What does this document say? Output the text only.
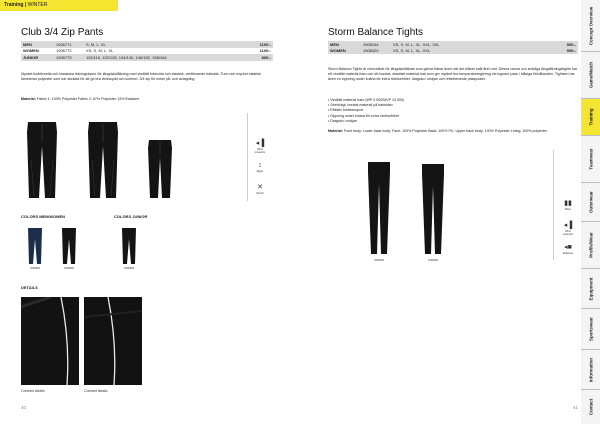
Training | WINTER
Club 3/4 Zip Pants
MEN	1906771	S, M, L, XL	1100:-
WOMEN	1906772	XS, S, M, L, XL	1100:-
JUNIOR	1906775	110/116, 122/128, 134/140, 146/152, 158/164	800:-
Mycket funktionella och klassiska träningsbyxor för längdskidåkning med vindtätt framsida och elastisk, ventilerande baksida. Tunn och mycket elastisk laminerad polyester som har stickats för att ge bra vindskydd och komfort. 3/4 zip för enkel på- och avtagning.
Material: Fabric 1: 100% Polyester Fabric 2: 67% Polyester 13% Elastane
◂▐
Wind protection
↕
Zipper
✕
Stretch
COLORS MEN/WOMEN	COLORS JUNIOR
1906681	1906682	1906683
DETAILS
Contrast details	Contrast details
40
Storm Balance Tights
MEN	1908164	XS, S, M, L, XL, XXL, 3XL	900:-
WOMEN	1908320	XS, S, M, L, XL, XXL	900:-
Storm Balance Tights är utvecklade för längdskidåkare som gärna tränar även när det blåser kallt året runt. Dessa varma och smidiga längdåkningstights har ett vindtätt material fram och ett borstat, elastiskt material bak som ger mycket bra temperaturreglering vid lugnare pass i blåsiga förhållanden. Tightsen har även en öppning under knäna för extra rörelsefrihet, dragsko i midjan och reflekterande passpoaler.
• Vindtätt material fram (WP 0 000/MVP 10 000)
• Stretchigt, borstat material på baksidan
• Effektiv fukttransport
• Öppning under knäna för extra rörelsefrihet
• Dragsko i midjan
Material: Front body: Lower back body: Face: 100% Polyester Back: 100% PU. Upper back body: 100% Polyester Lining: 100% polyester
1999000	1999000
▮▮
Warm
◂▐
Wind protection
◂■
Reflective
41
Concept Overview
Game/Match
Training
Teamwear
Outerwear
Profile/Wear
Equipment
Sportswear
Information
Contact
